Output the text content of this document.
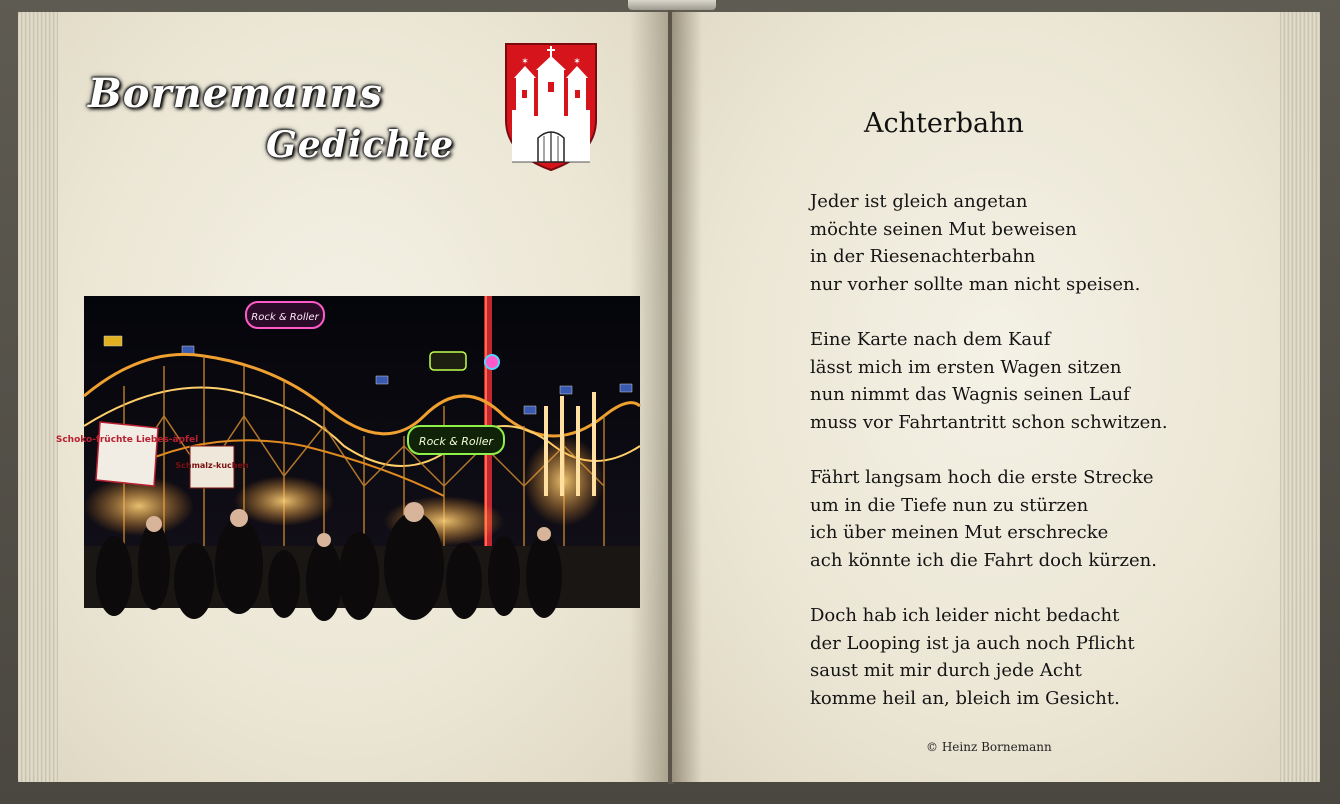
Bornemanns
Gedichte
✶	✶
Rock & Roller
Rock & Roller
Schoko-früchte Liebes-äpfel
Schmalz-kuchen
Achterbahn

Jeder ist gleich angetan
möchte seinen Mut beweisen
in der Riesenachterbahn
nur vorher sollte man nicht speisen.

Eine Karte nach dem Kauf
lässt mich im ersten Wagen sitzen
nun nimmt das Wagnis seinen Lauf
muss vor Fahrtantritt schon schwitzen.

Fährt langsam hoch die erste Strecke
um in die Tiefe nun zu stürzen
ich über meinen Mut erschrecke
ach könnte ich die Fahrt doch kürzen.

Doch hab ich leider nicht bedacht
der Looping ist ja auch noch Pflicht
saust mit mir durch jede Acht
komme heil an, bleich im Gesicht.

© Heinz Bornemann
